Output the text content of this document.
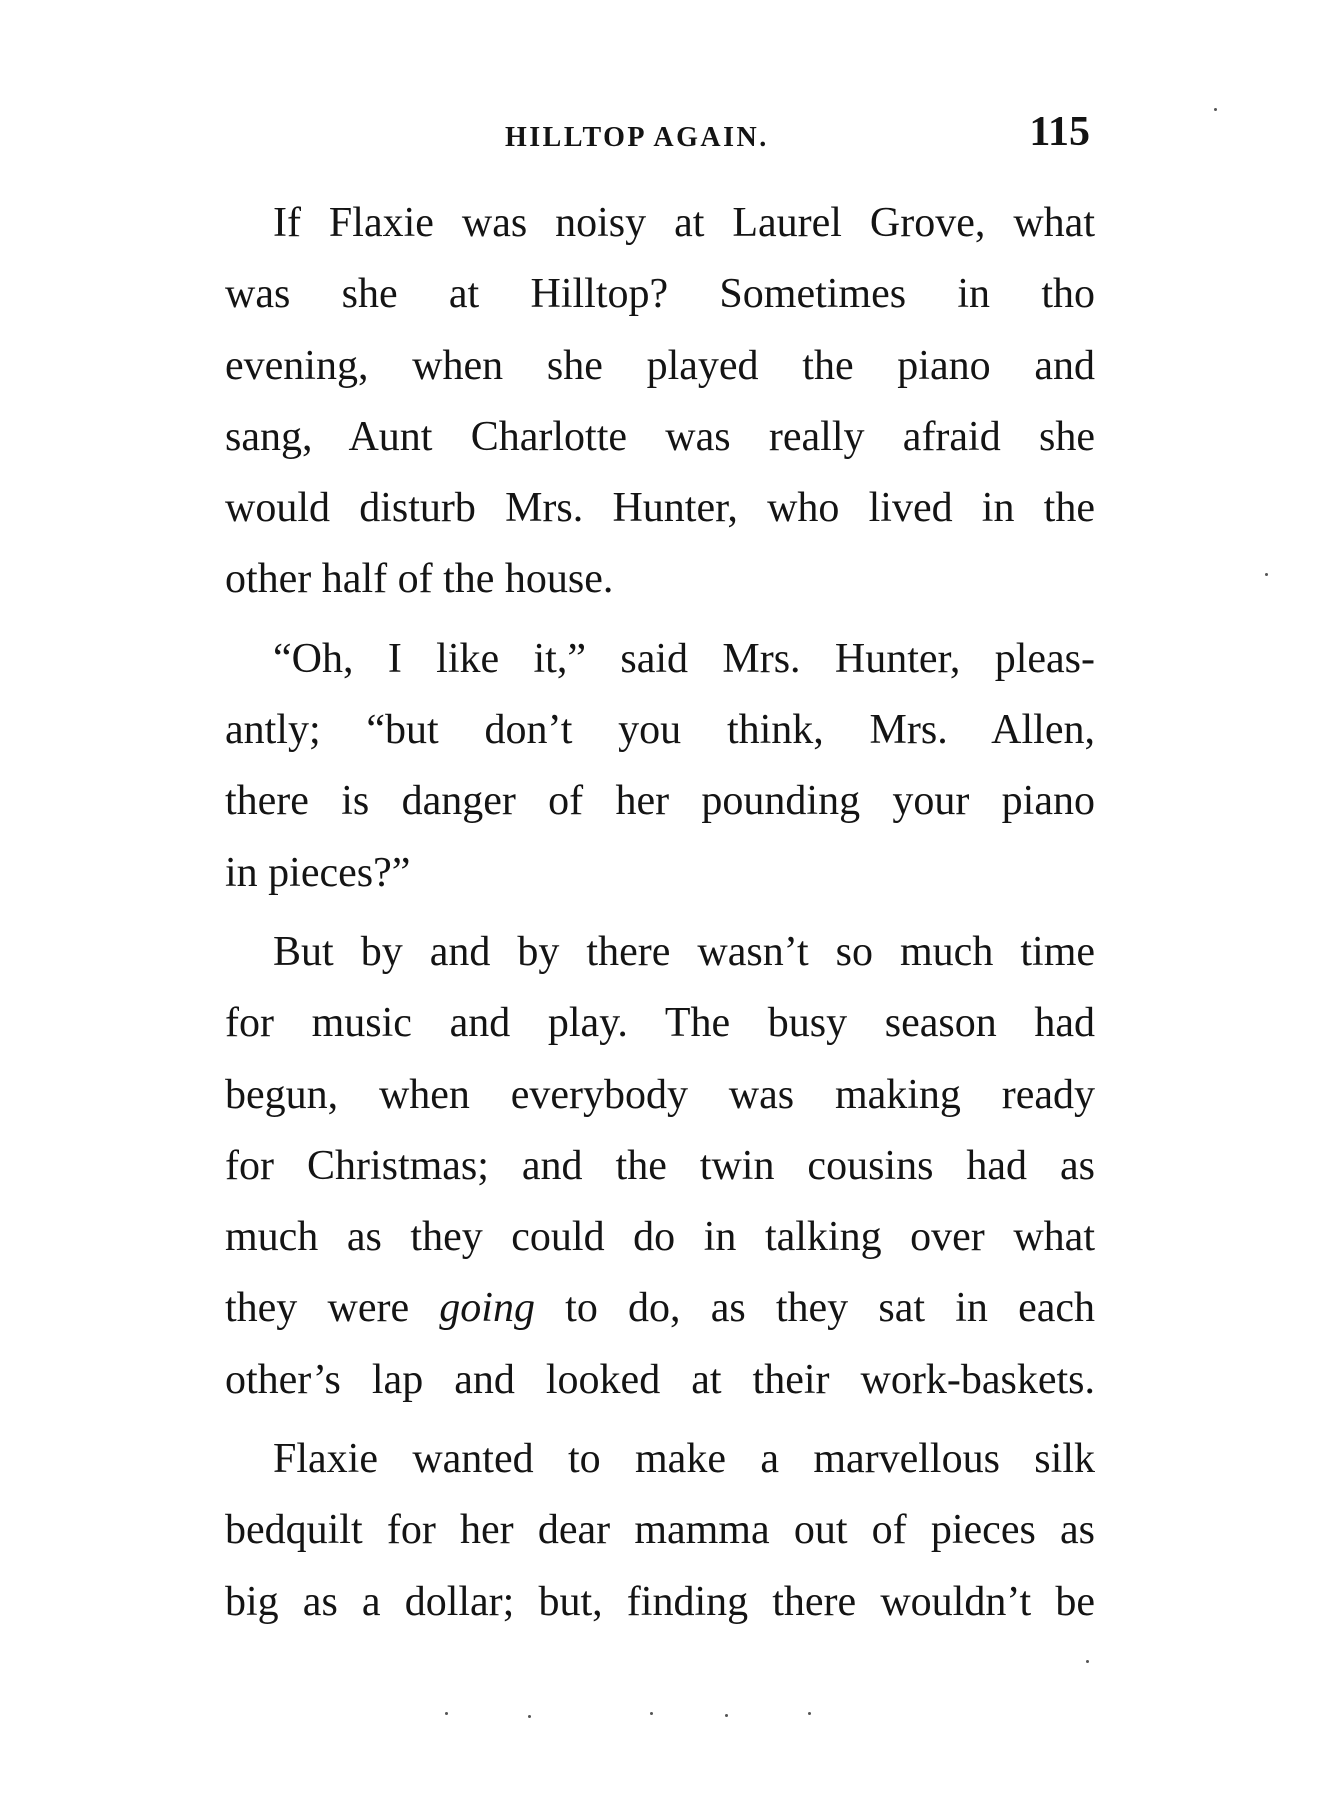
HILLTOP AGAIN.	115
If Flaxie was noisy at Laurel Grove, what
was she at Hilltop? Sometimes in tho
evening, when she played the piano and
sang, Aunt Charlotte was really afraid she
would disturb Mrs. Hunter, who lived in the
other half of the house.
“Oh, I like it,” said Mrs. Hunter, pleas-
antly; “but don’t you think, Mrs. Allen,
there is danger of her pounding your piano
in pieces?”
But by and by there wasn’t so much time
for music and play. The busy season had
begun, when everybody was making ready
for Christmas; and the twin cousins had as
much as they could do in talking over what
they were going to do, as they sat in each
other’s lap and looked at their work-baskets.
Flaxie wanted to make a marvellous silk
bedquilt for her dear mamma out of pieces as
big as a dollar; but, finding there wouldn’t be
